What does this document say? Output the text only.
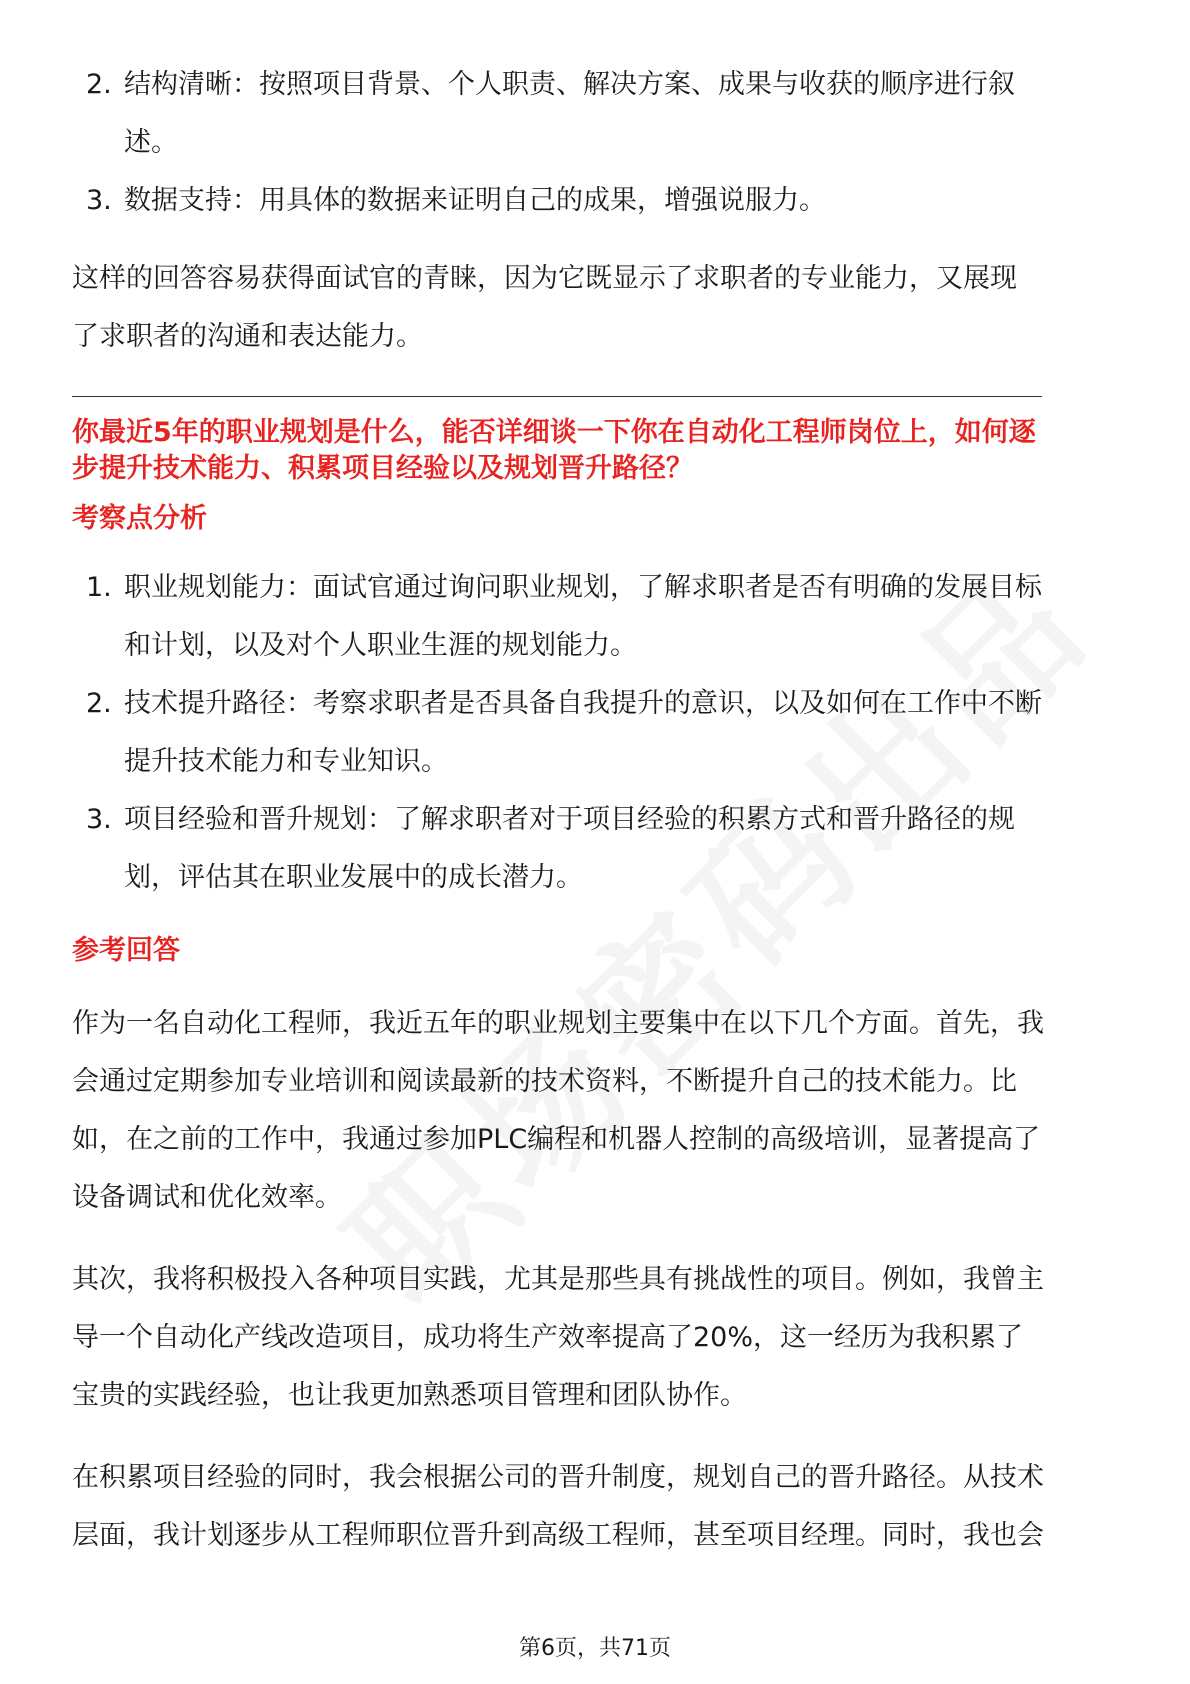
2. 结构清晰：按照项目背景、个人职责、解决方案、成果与收获的顺序进行叙述。
3. 数据支持：用具体的数据来证明自己的成果，增强说服力。

这样的回答容易获得面试官的青睐，因为它既显示了求职者的专业能力，又展现了求职者的沟通和表达能力。

你最近5年的职业规划是什么，能否详细谈一下你在自动化工程师岗位上，如何逐步提升技术能力、积累项目经验以及规划晋升路径？

考察点分析

1. 职业规划能力：面试官通过询问职业规划，了解求职者是否有明确的发展目标和计划，以及对个人职业生涯的规划能力。
2. 技术提升路径：考察求职者是否具备自我提升的意识，以及如何在工作中不断提升技术能力和专业知识。
3. 项目经验和晋升规划：了解求职者对于项目经验的积累方式和晋升路径的规划，评估其在职业发展中的成长潜力。

参考回答

作为一名自动化工程师，我近五年的职业规划主要集中在以下几个方面。首先，我会通过定期参加专业培训和阅读最新的技术资料，不断提升自己的技术能力。比如，在之前的工作中，我通过参加PLC编程和机器人控制的高级培训，显著提高了设备调试和优化效率。

其次，我将积极投入各种项目实践，尤其是那些具有挑战性的项目。例如，我曾主导一个自动化产线改造项目，成功将生产效率提高了20%，这一经历为我积累了宝贵的实践经验，也让我更加熟悉项目管理和团队协作。

在积累项目经验的同时，我会根据公司的晋升制度，规划自己的晋升路径。从技术层面，我计划逐步从工程师职位晋升到高级工程师，甚至项目经理。同时，我也会

第6页，共71页
